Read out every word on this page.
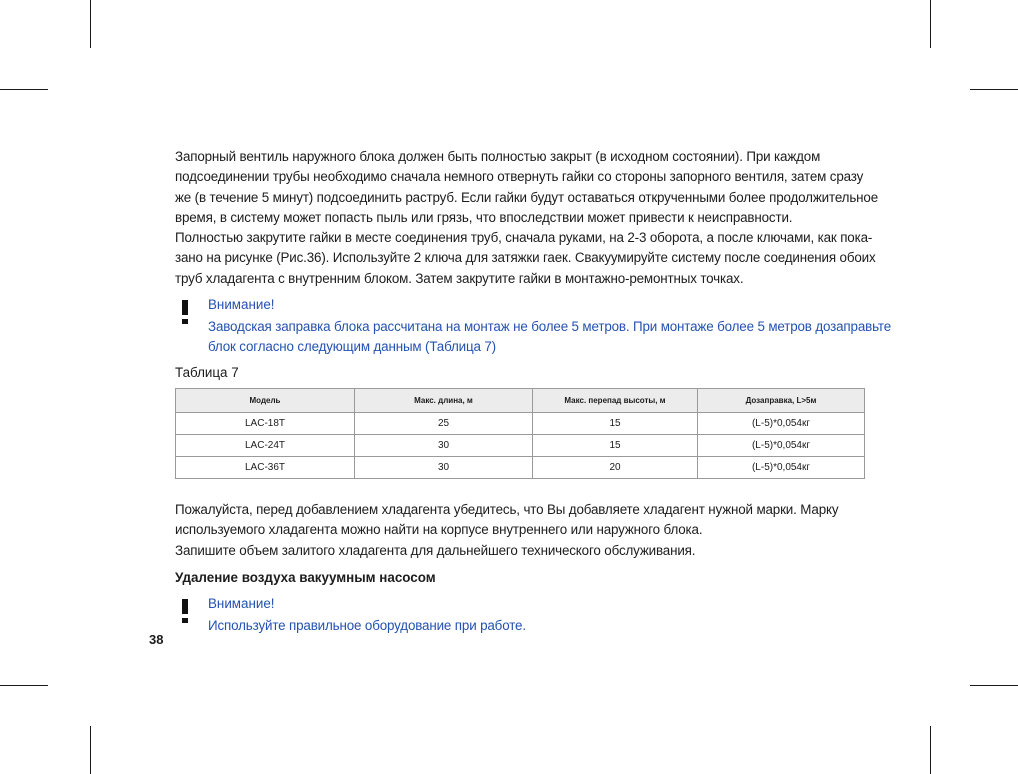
Запорный вентиль наружного блока должен быть полностью закрыт (в исходном состоянии). При каждом
подсоединении трубы необходимо сначала немного отвернуть гайки со стороны запорного вентиля, затем сразу
же (в течение 5 минут) подсоединить раструб. Если гайки будут оставаться открученными более продолжительное
время, в систему может попасть пыль или грязь, что впоследствии может привести к неисправности.
Полностью закрутите гайки в месте соединения труб, сначала руками, на 2-3 оборота, а после ключами, как пока-
зано на рисунке (Рис.36). Используйте 2 ключа для затяжки гаек. Свакуумируйте систему после соединения обоих
труб хладагента с внутренним блоком. Затем закрутите гайки в монтажно-ремонтных точках.

Внимание!
Заводская заправка блока рассчитана на монтаж не более 5 метров. При монтаже более 5 метров дозаправьте
блок согласно следующим данным (Таблица 7)
Таблица 7
Модель	Макс. длина, м	Макс. перепад высоты, м	Дозаправка, L>5м
LAC-18T	25	15	(L-5)*0,054кг
LAC-24T	30	15	(L-5)*0,054кг
LAC-36T	30	20	(L-5)*0,054кг

Пожалуйста, перед добавлением хладагента убедитесь, что Вы добавляете хладагент нужной марки. Марку
используемого хладагента можно найти на корпусе внутреннего или наружного блока.
Запишите объем залитого хладагента для дальнейшего технического обслуживания.

Удаление воздуха вакуумным насосом
Внимание!
Используйте правильное оборудование при работе.
38
